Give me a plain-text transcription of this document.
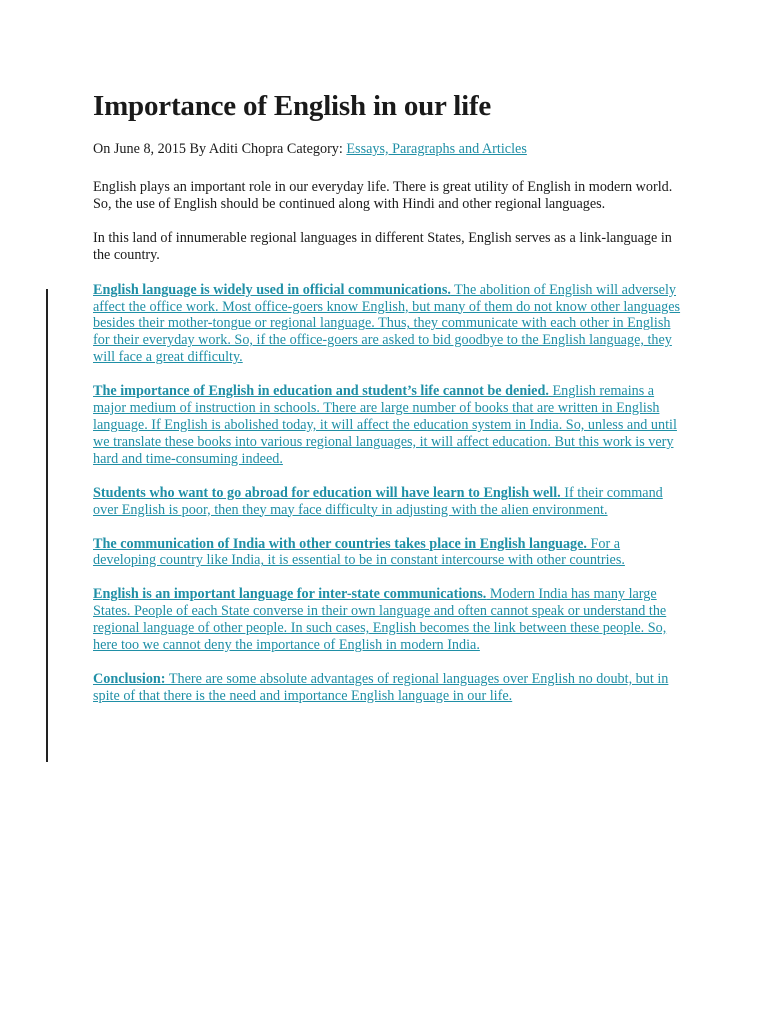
Importance of English in our life
On June 8, 2015 By Aditi Chopra Category: Essays, Paragraphs and Articles

English plays an important role in our everyday life. There is great utility of English in modern world. So, the use of English should be continued along with Hindi and other regional languages.

In this land of innumerable regional languages in different States, English serves as a link-language in the country.

English language is widely used in official communications. The abolition of English will adversely affect the office work. Most office-goers know English, but many of them do not know other languages besides their mother-tongue or regional language. Thus, they communicate with each other in English for their everyday work. So, if the office-goers are asked to bid goodbye to the English language, they will face a great difficulty.

The importance of English in education and student’s life cannot be denied. English remains a major medium of instruction in schools. There are large number of books that are written in English language. If English is abolished today, it will affect the education system in India. So, unless and until we translate these books into various regional languages, it will affect education. But this work is very hard and time-consuming indeed.

Students who want to go abroad for education will have learn to English well. If their command over English is poor, then they may face difficulty in adjusting with the alien environment.

The communication of India with other countries takes place in English language. For a developing country like India, it is essential to be in constant intercourse with other countries.

English is an important language for inter-state communications. Modern India has many large States. People of each State converse in their own language and often cannot speak or understand the regional language of other people. In such cases, English becomes the link between these people. So, here too we cannot deny the importance of English in modern India.

Conclusion: There are some absolute advantages of regional languages over English no doubt, but in spite of that there is the need and importance English language in our life.
